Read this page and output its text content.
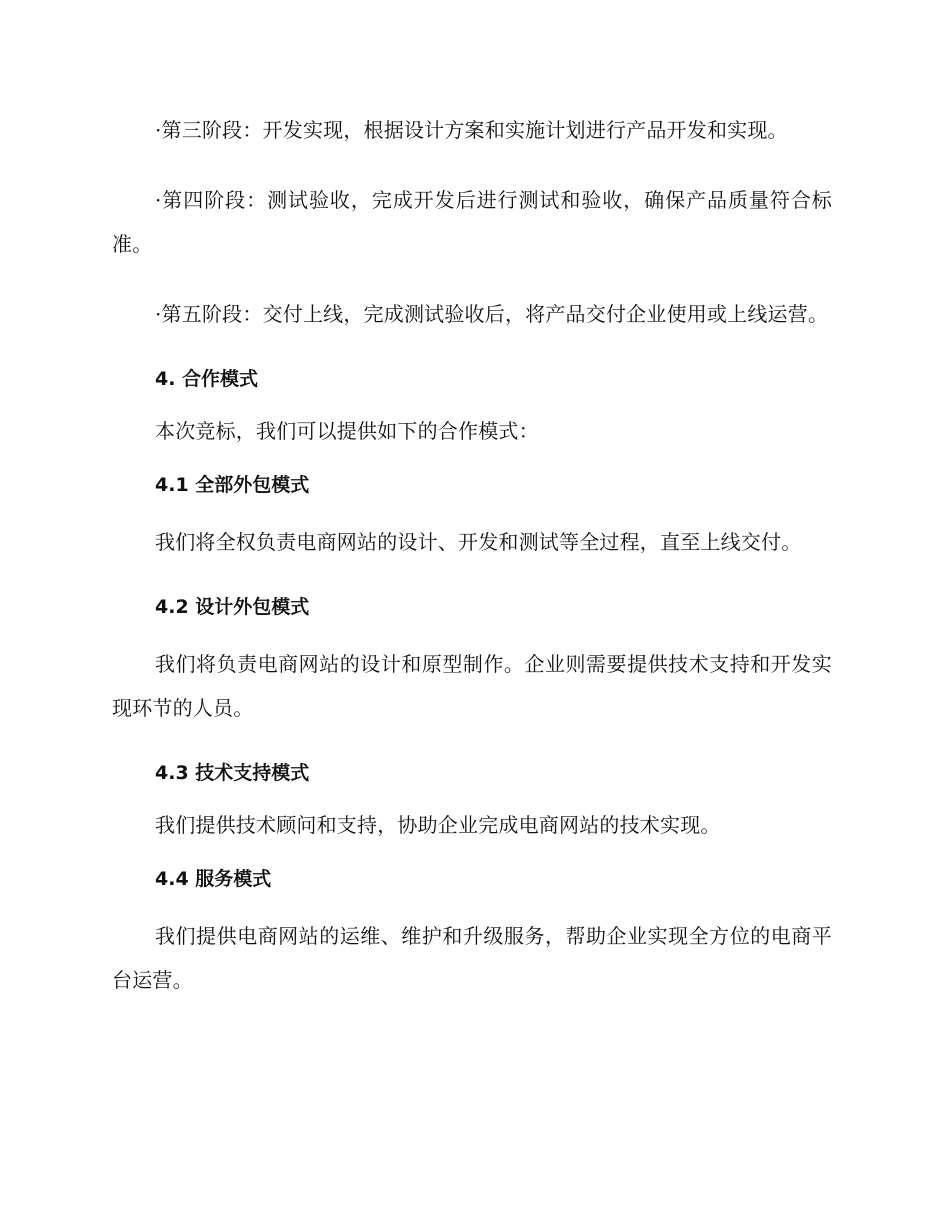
·第三阶段：开发实现，根据设计方案和实施计划进行产品开发和实现。

·第四阶段：测试验收，完成开发后进行测试和验收，确保产品质量符合标准。

·第五阶段：交付上线，完成测试验收后，将产品交付企业使用或上线运营。

4. 合作模式

本次竞标，我们可以提供如下的合作模式：

4.1 全部外包模式

我们将全权负责电商网站的设计、开发和测试等全过程，直至上线交付。

4.2 设计外包模式

我们将负责电商网站的设计和原型制作。企业则需要提供技术支持和开发实现环节的人员。

4.3 技术支持模式

我们提供技术顾问和支持，协助企业完成电商网站的技术实现。

4.4 服务模式

我们提供电商网站的运维、维护和升级服务，帮助企业实现全方位的电商平台运营。
